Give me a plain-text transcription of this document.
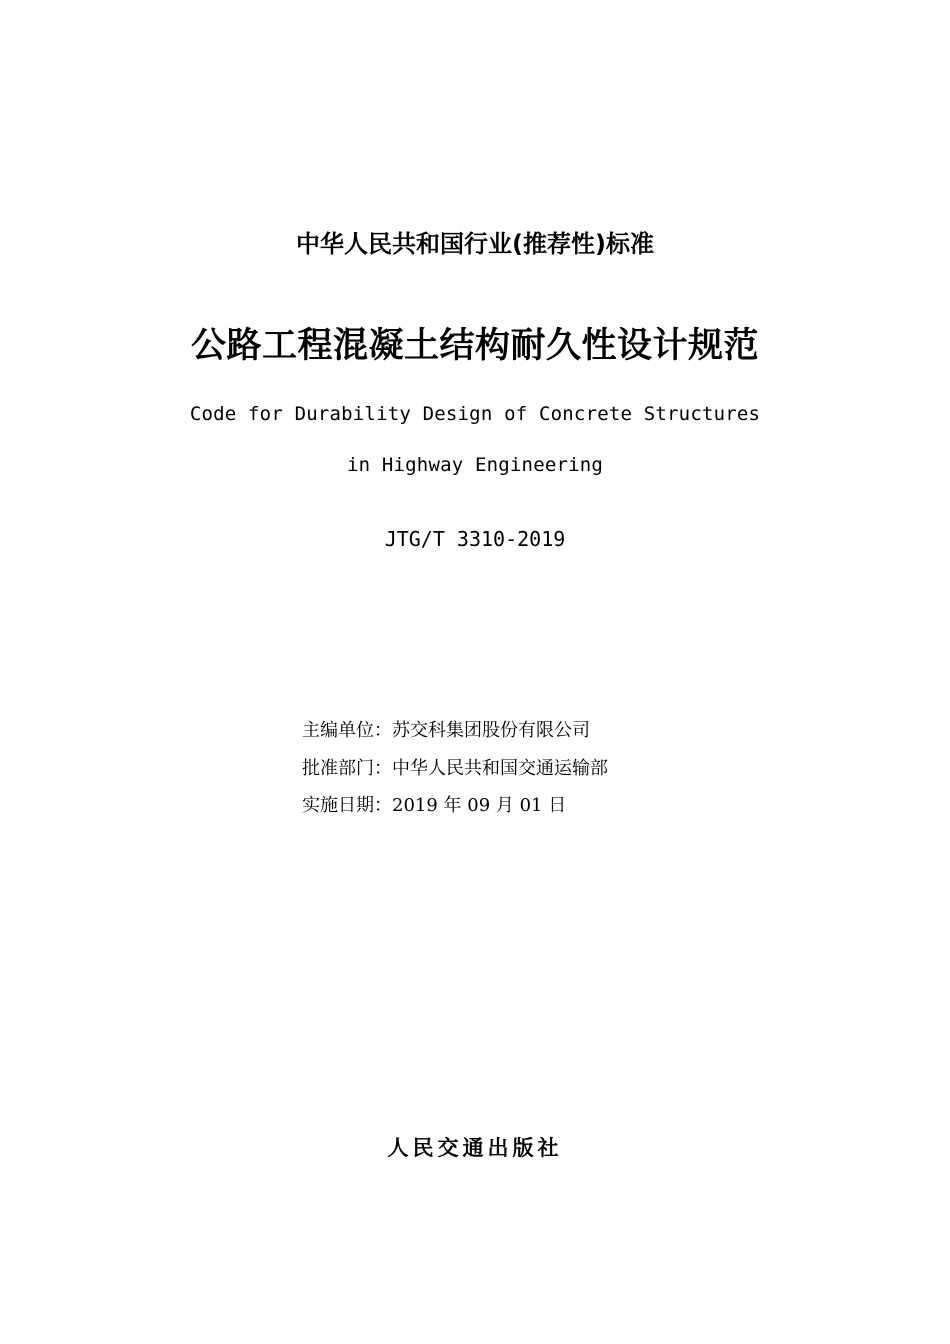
中华人民共和国行业(推荐性)标准
公路工程混凝土结构耐久性设计规范
Code for Durability Design of Concrete Structures
in Highway Engineering
JTG/T 3310-2019
主编单位：苏交科集团股份有限公司
批准部门：中华人民共和国交通运输部
实施日期：2019 年 09 月 01 日
人民交通出版社
